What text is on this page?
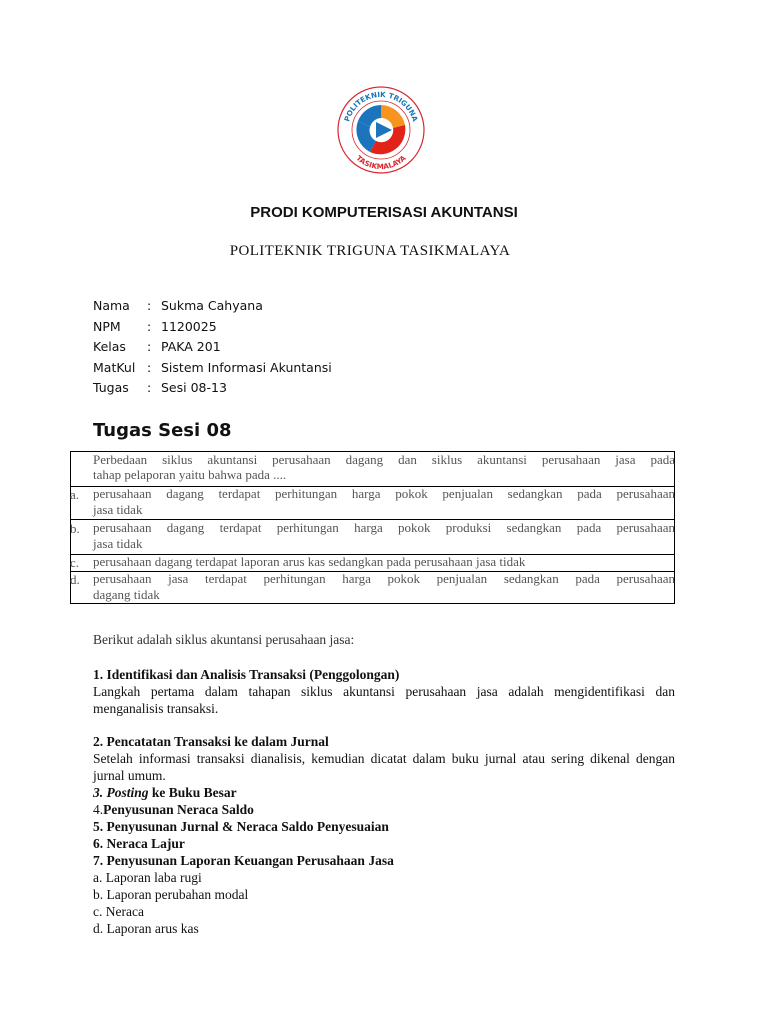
POLITEKNIK TRIGUNA
TASIKMALAYA
PRODI KOMPUTERISASI AKUNTANSI
POLITEKNIK TRIGUNA TASIKMALAYA
Nama	: Sukma Cahyana
NPM	: 1120025
Kelas	: PAKA 201
MatKul : Sistem Informasi Akuntansi
Tugas	: Sesi 08-13
Tugas Sesi 08
Perbedaan siklus akuntansi perusahaan dagang dan siklus akuntansi perusahaan jasa pada
tahap pelaporan yaitu bahwa pada ....
a. perusahaan dagang terdapat perhitungan harga pokok penjualan sedangkan pada perusahaan
jasa tidak
b. perusahaan dagang terdapat perhitungan harga pokok produksi sedangkan pada perusahaan
jasa tidak
c. perusahaan dagang terdapat laporan arus kas sedangkan pada perusahaan jasa tidak
d. perusahaan jasa terdapat perhitungan harga pokok penjualan sedangkan pada perusahaan
dagang tidak
Berikut adalah siklus akuntansi perusahaan jasa:
1. Identifikasi dan Analisis Transaksi (Penggolongan)
Langkah pertama dalam tahapan siklus akuntansi perusahaan jasa adalah mengidentifikasi dan menganalisis transaksi.
2. Pencatatan Transaksi ke dalam Jurnal
Setelah informasi transaksi dianalisis, kemudian dicatat dalam buku jurnal atau sering dikenal dengan jurnal umum.
3. Posting ke Buku Besar
4.Penyusunan Neraca Saldo
5. Penyusunan Jurnal & Neraca Saldo Penyesuaian
6. Neraca Lajur
7. Penyusunan Laporan Keuangan Perusahaan Jasa
a. Laporan laba rugi
b. Laporan perubahan modal
c. Neraca
d. Laporan arus kas
